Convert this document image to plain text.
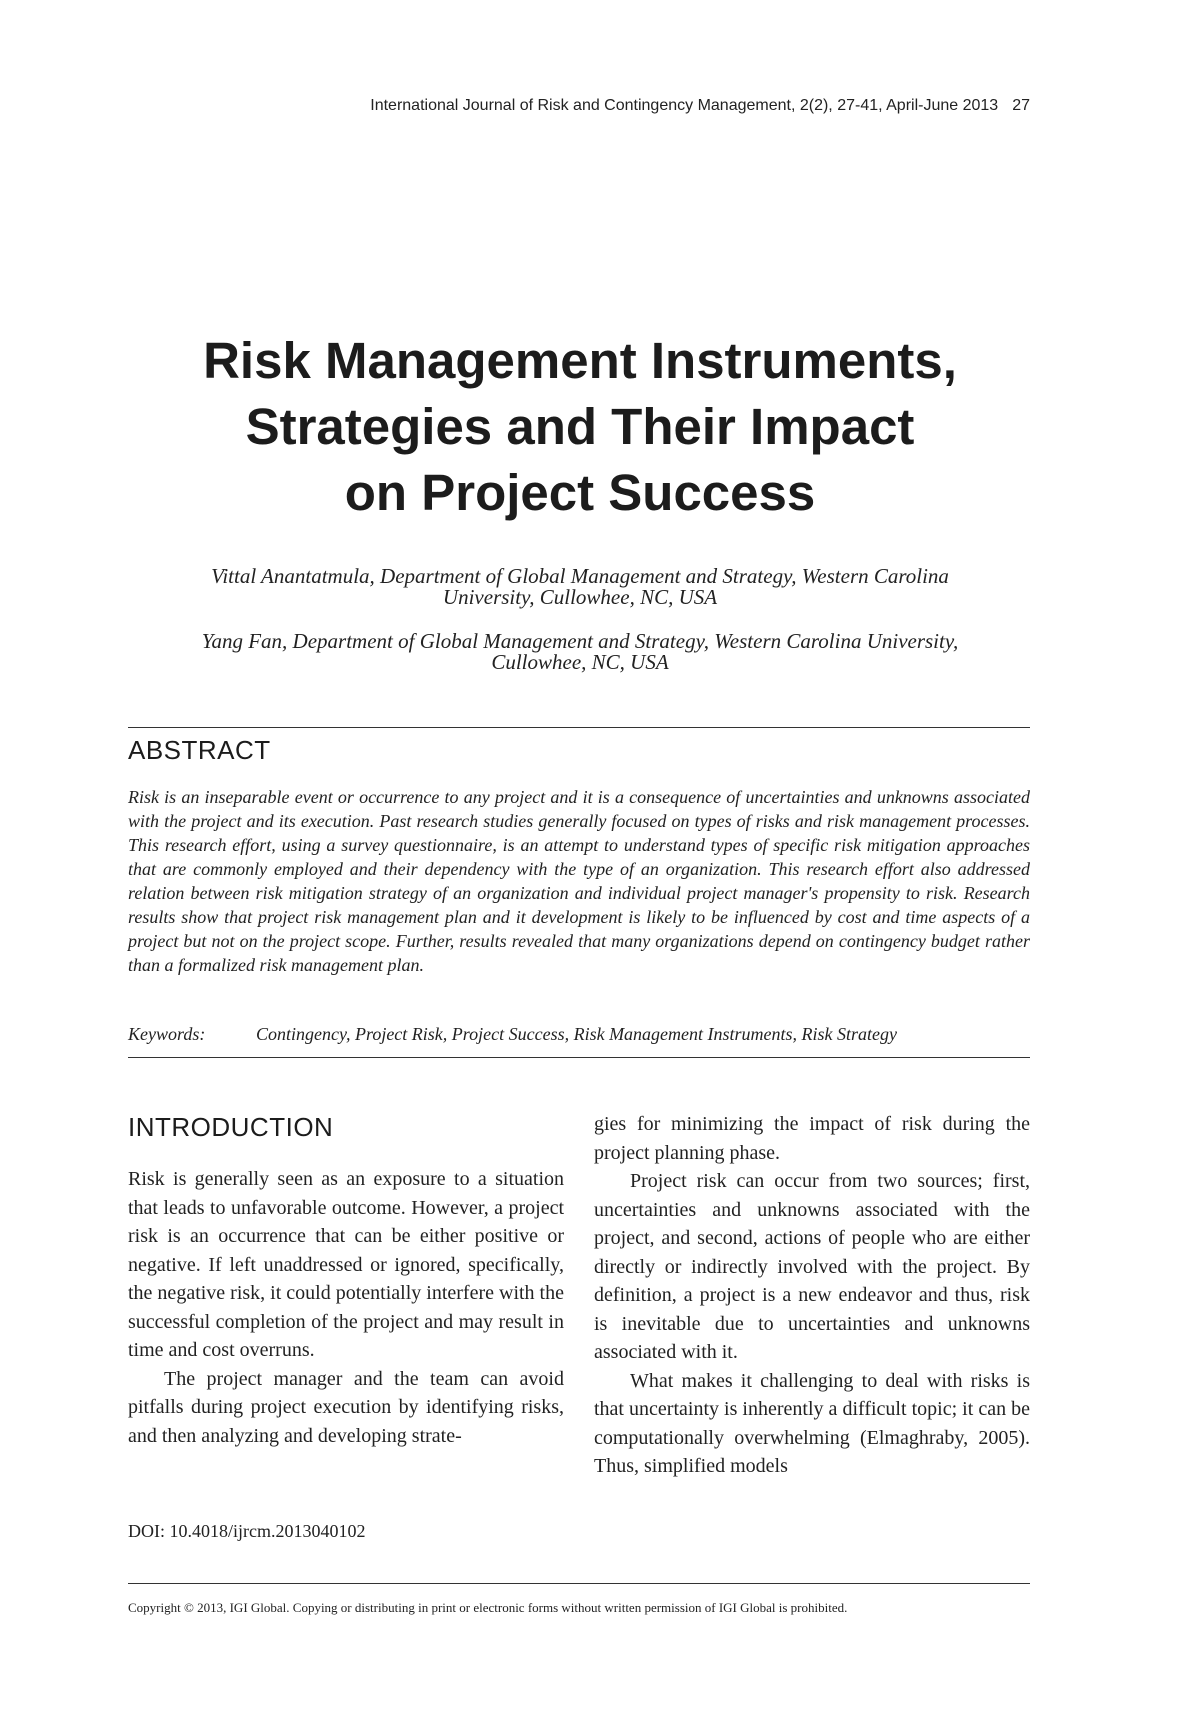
International Journal of Risk and Contingency Management, 2(2), 27-41, April-June 2013 27
Risk Management Instruments,
Strategies and Their Impact
on Project Success
Vittal Anantatmula, Department of Global Management and Strategy, Western Carolina
University, Cullowhee, NC, USA
Yang Fan, Department of Global Management and Strategy, Western Carolina University,
Cullowhee, NC, USA
ABSTRACT

Risk is an inseparable event or occurrence to any project and it is a consequence of uncertainties and unknowns associated with the project and its execution. Past research studies generally focused on types of risks and risk management processes. This research effort, using a survey questionnaire, is an attempt to understand types of specific risk mitigation approaches that are commonly employed and their dependency with the type of an organization. This research effort also addressed relation between risk mitigation strategy of an organization and individual project manager's propensity to risk. Research results show that project risk management plan and it development is likely to be influenced by cost and time aspects of a project but not on the project scope. Further, results revealed that many organizations depend on contingency budget rather than a formalized risk management plan.

Keywords:	Contingency, Project Risk, Project Success, Risk Management Instruments, Risk Strategy
INTRODUCTION

Risk is generally seen as an exposure to a situation that leads to unfavorable outcome. However, a project risk is an occurrence that can be either positive or negative. If left unaddressed or ignored, specifically, the negative risk, it could potentially interfere with the successful completion of the project and may result in time and cost overruns.

The project manager and the team can avoid pitfalls during project execution by identifying risks, and then analyzing and developing strate-

gies for minimizing the impact of risk during the project planning phase.

Project risk can occur from two sources; first, uncertainties and unknowns associated with the project, and second, actions of people who are either directly or indirectly involved with the project. By definition, a project is a new endeavor and thus, risk is inevitable due to uncertainties and unknowns associated with it.

What makes it challenging to deal with risks is that uncertainty is inherently a difficult topic; it can be computationally overwhelming (Elmaghraby, 2005). Thus, simplified models

DOI: 10.4018/ijrcm.2013040102
Copyright © 2013, IGI Global. Copying or distributing in print or electronic forms without written permission of IGI Global is prohibited.
